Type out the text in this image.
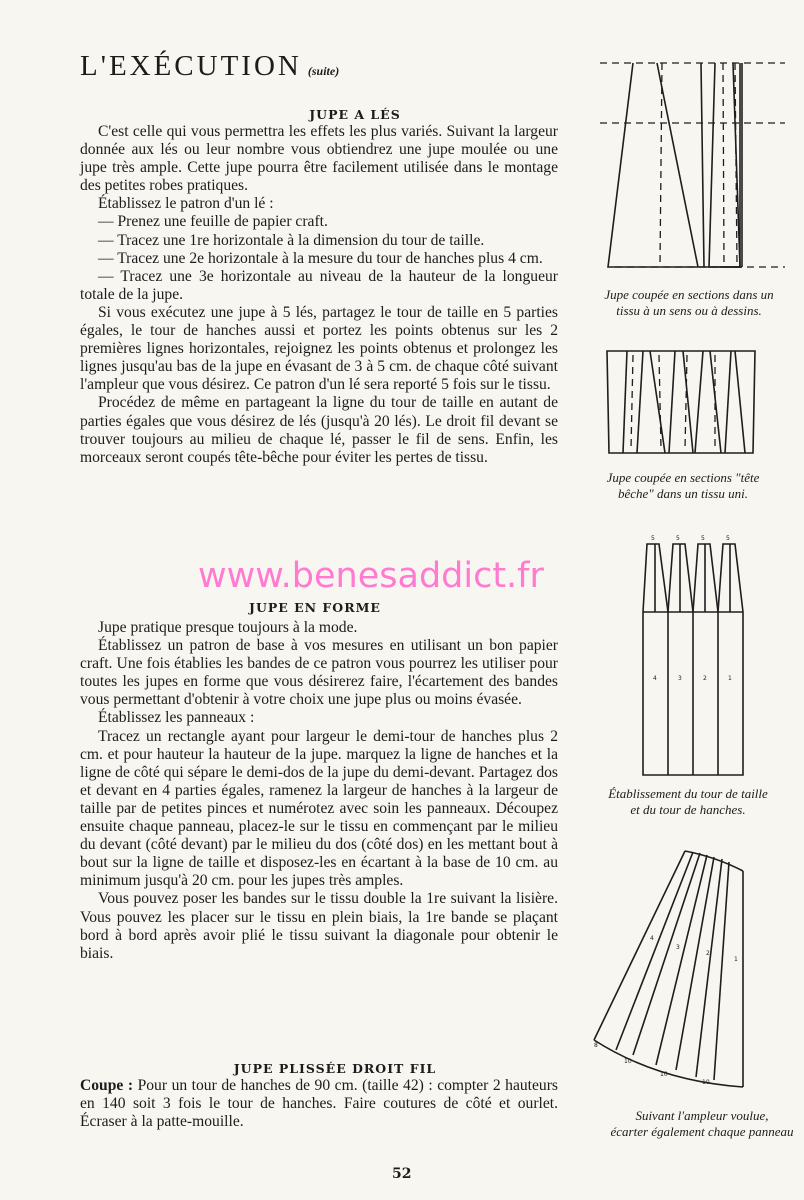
L'EXÉCUTION (suite)
JUPE A LÉS

C'est celle qui vous permettra les effets les plus variés. Suivant la largeur donnée aux lés ou leur nombre vous obtiendrez une jupe moulée ou une jupe très ample. Cette jupe pourra être facilement utilisée dans le montage des petites robes pratiques.

Établissez le patron d'un lé :

— Prenez une feuille de papier craft.

— Tracez une 1re horizontale à la dimension du tour de taille.

— Tracez une 2e horizontale à la mesure du tour de hanches plus 4 cm.

— Tracez une 3e horizontale au niveau de la hauteur de la longueur totale de la jupe.

Si vous exécutez une jupe à 5 lés, partagez le tour de taille en 5 parties égales, le tour de hanches aussi et portez les points obtenus sur les 2 premières lignes horizontales, rejoignez les points obtenus et prolongez les lignes jusqu'au bas de la jupe en évasant de 3 à 5 cm. de chaque côté suivant l'ampleur que vous désirez. Ce patron d'un lé sera reporté 5 fois sur le tissu.

Procédez de même en partageant la ligne du tour de taille en autant de parties égales que vous désirez de lés (jusqu'à 20 lés). Le droit fil devant se trouver toujours au milieu de chaque lé, passer le fil de sens. Enfin, les morceaux seront coupés tête-bêche pour éviter les pertes de tissu.

www.benesaddict.fr
JUPE EN FORME

Jupe pratique presque toujours à la mode.

Établissez un patron de base à vos mesures en utilisant un bon papier craft. Une fois établies les bandes de ce patron vous pourrez les utiliser pour toutes les jupes en forme que vous désirerez faire, l'écartement des bandes vous permettant d'obtenir à votre choix une jupe plus ou moins évasée.

Établissez les panneaux :

Tracez un rectangle ayant pour largeur le demi-tour de hanches plus 2 cm. et pour hauteur la hauteur de la jupe. marquez la ligne de hanches et la ligne de côté qui sépare le demi-dos de la jupe du demi-devant. Partagez dos et devant en 4 parties égales, ramenez la largeur de hanches à la largeur de taille par de petites pinces et numérotez avec soin les panneaux. Découpez ensuite chaque panneau, placez-le sur le tissu en commençant par le milieu du devant (côté devant) par le milieu du dos (côté dos) en les mettant bout à bout sur la ligne de taille et disposez-les en écartant à la base de 10 cm. au minimum jusqu'à 20 cm. pour les jupes très amples.

Vous pouvez poser les bandes sur le tissu double la 1re suivant la lisière. Vous pouvez les placer sur le tissu en plein biais, la 1re bande se plaçant bord à bord après avoir plié le tissu suivant la diagonale pour obtenir le biais.

JUPE PLISSÉE DROIT FIL

Coupe : Pour un tour de hanches de 90 cm. (taille 42) : compter 2 hauteurs en 140 soit 3 fois le tour de hanches. Faire coutures de côté et ourlet. Écraser à la patte-mouille.

Jupe coupée en sections dans un
tissu à un sens ou à dessins.
Jupe coupée en sections "tête
bêche" dans un tissu uni.
5	5	5	5
4	3	2	1
Établissement du tour de taille
et du tour de hanches.
4
3
2
1
8
10
10
10
Suivant l'ampleur voulue,
écarter également chaque panneau
52
